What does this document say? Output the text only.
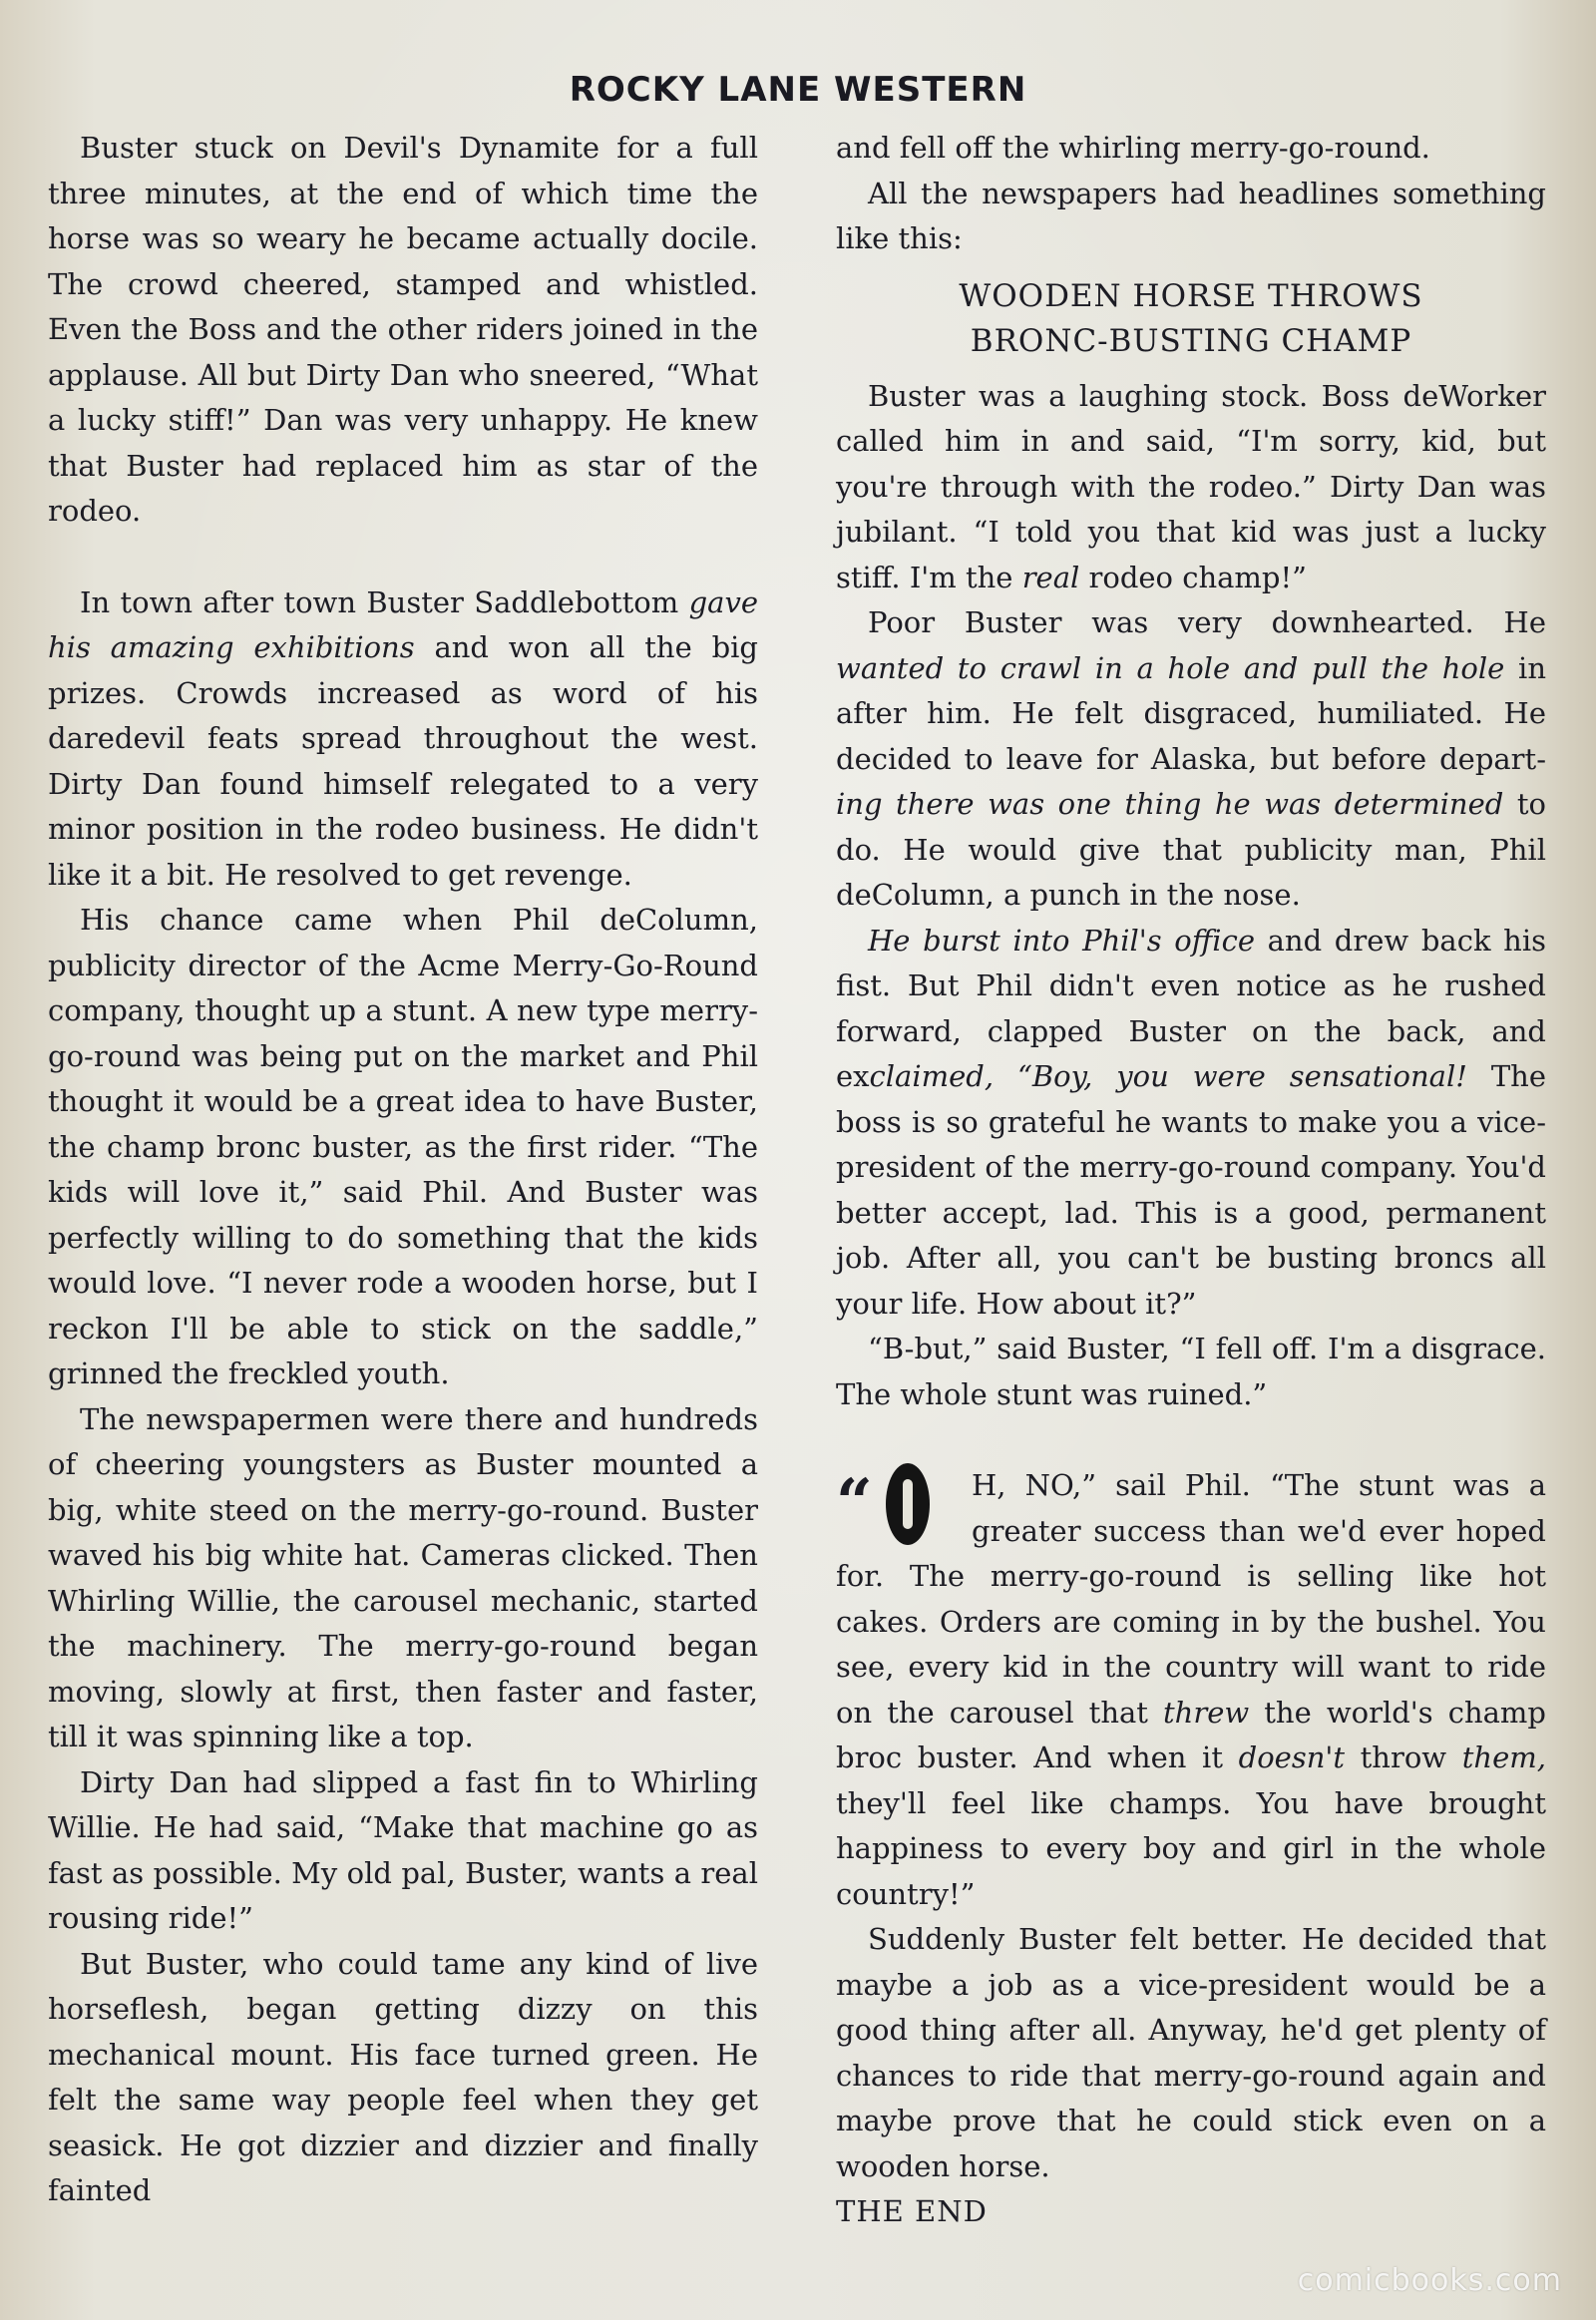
ROCKY LANE WESTERN

Buster stuck on Devil's Dynamite for a full three minutes, at the end of which time the horse was so weary he became actually docile. The crowd cheered, stamped and whistled. Even the Boss and the other riders joined in the applause. All but Dirty Dan who sneered, “What a lucky stiff!” Dan was very unhappy. He knew that Buster had replaced him as star of the rodeo.

In town after town Buster Saddlebottom gave his amazing exhibitions and won all the big prizes. Crowds increased as word of his daredevil feats spread throughout the west. Dirty Dan found himself relegated to a very minor position in the rodeo business. He didn't like it a bit. He resolved to get revenge.

His chance came when Phil deColumn, publicity director of the Acme Merry-Go-Round company, thought up a stunt. A new type merry-go-round was being put on the market and Phil thought it would be a great idea to have Buster, the champ bronc buster, as the first rider. “The kids will love it,” said Phil. And Buster was perfectly willing to do something that the kids would love. “I never rode a wooden horse, but I reckon I'll be able to stick on the saddle,” grinned the freckled youth.

The newspapermen were there and hundreds of cheering youngsters as Buster mounted a big, white steed on the merry-go-round. Buster waved his big white hat. Cameras clicked. Then Whirling Willie, the carousel mechanic, started the machinery. The merry-go-round began moving, slowly at first, then faster and faster, till it was spinning like a top.

Dirty Dan had slipped a fast fin to Whirling Willie. He had said, “Make that machine go as fast as possible. My old pal, Buster, wants a real rousing ride!”

But Buster, who could tame any kind of live horseflesh, began getting dizzy on this mechanical mount. His face turned green. He felt the same way people feel when they get seasick. He got dizzier and dizzier and finally fainted

and fell off the whirling merry-go-round.

All the newspapers had headlines something like this:

WOODEN HORSE THROWS
BRONC-BUSTING CHAMP

Buster was a laughing stock. Boss deWorker called him in and said, “I'm sorry, kid, but you're through with the rodeo.” Dirty Dan was jubilant. “I told you that kid was just a lucky stiff. I'm the real rodeo champ!”

Poor Buster was very downhearted. He wanted to crawl in a hole and pull the hole in after him. He felt disgraced, humiliated. He decided to leave for Alaska, but before depart-ing there was one thing he was determined to do. He would give that publicity man, Phil deColumn, a punch in the nose.

He burst into Phil's office and drew back his fist. But Phil didn't even notice as he rushed forward, clapped Buster on the back, and exclaimed, “Boy, you were sensational! The boss is so grateful he wants to make you a vice-president of the merry-go-round company. You'd better accept, lad. This is a good, permanent job. After all, you can't be busting broncs all your life. How about it?”

“B-but,” said Buster, “I fell off. I'm a disgrace. The whole stunt was ruined.”

“	H, NO,” sail Phil. “The stunt was a greater success than we'd ever hoped for. The merry-go-round is selling like hot cakes. Orders are coming in by the bushel. You see, every kid in the country will want to ride on the carousel that threw the world's champ broc buster. And when it doesn't throw them, they'll feel like champs. You have brought happiness to every boy and girl in the whole country!”

Suddenly Buster felt better. He decided that maybe a job as a vice-president would be a good thing after all. Anyway, he'd get plenty of chances to ride that merry-go-round again and maybe prove that he could stick even on a wooden horse.

THE END

comicbooks.com
